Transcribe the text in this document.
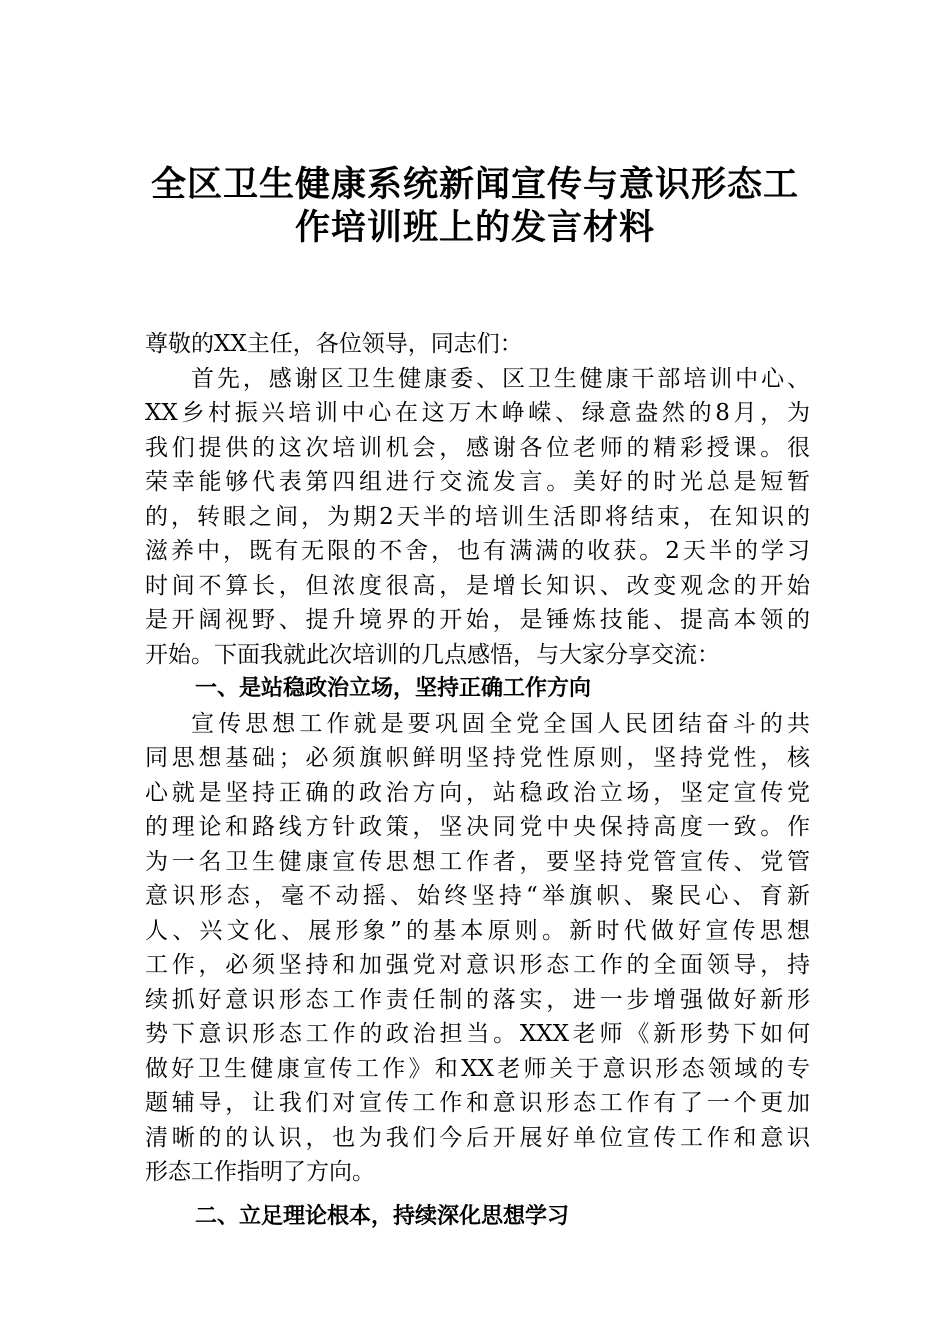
全区卫生健康系统新闻宣传与意识形态工
作培训班上的发言材料
尊敬的XX主任，各位领导，同志们：
首先，感谢区卫生健康委、区卫生健康干部培训中心、
XX乡村振兴培训中心在这万木峥嵘、绿意盎然的8月，为
我们提供的这次培训机会，感谢各位老师的精彩授课。很
荣幸能够代表第四组进行交流发言。美好的时光总是短暂
的，转眼之间，为期2天半的培训生活即将结束，在知识的
滋养中，既有无限的不舍，也有满满的收获。2天半的学习
时间不算长，但浓度很高，是增长知识、改变观念的开始
是开阔视野、提升境界的开始，是锤炼技能、提高本领的
开始。下面我就此次培训的几点感悟，与大家分享交流：
一、是站稳政治立场，坚持正确工作方向
宣传思想工作就是要巩固全党全国人民团结奋斗的共
同思想基础；必须旗帜鲜明坚持党性原则，坚持党性，核
心就是坚持正确的政治方向，站稳政治立场，坚定宣传党
的理论和路线方针政策，坚决同党中央保持高度一致。作
为一名卫生健康宣传思想工作者，要坚持党管宣传、党管
意识形态，毫不动摇、始终坚持“举旗帜、聚民心、育新
人、兴文化、展形象”的基本原则。新时代做好宣传思想
工作，必须坚持和加强党对意识形态工作的全面领导，持
续抓好意识形态工作责任制的落实，进一步增强做好新形
势下意识形态工作的政治担当。XXX老师《新形势下如何
做好卫生健康宣传工作》和XX老师关于意识形态领域的专
题辅导，让我们对宣传工作和意识形态工作有了一个更加
清晰的的认识，也为我们今后开展好单位宣传工作和意识
形态工作指明了方向。
二、立足理论根本，持续深化思想学习
